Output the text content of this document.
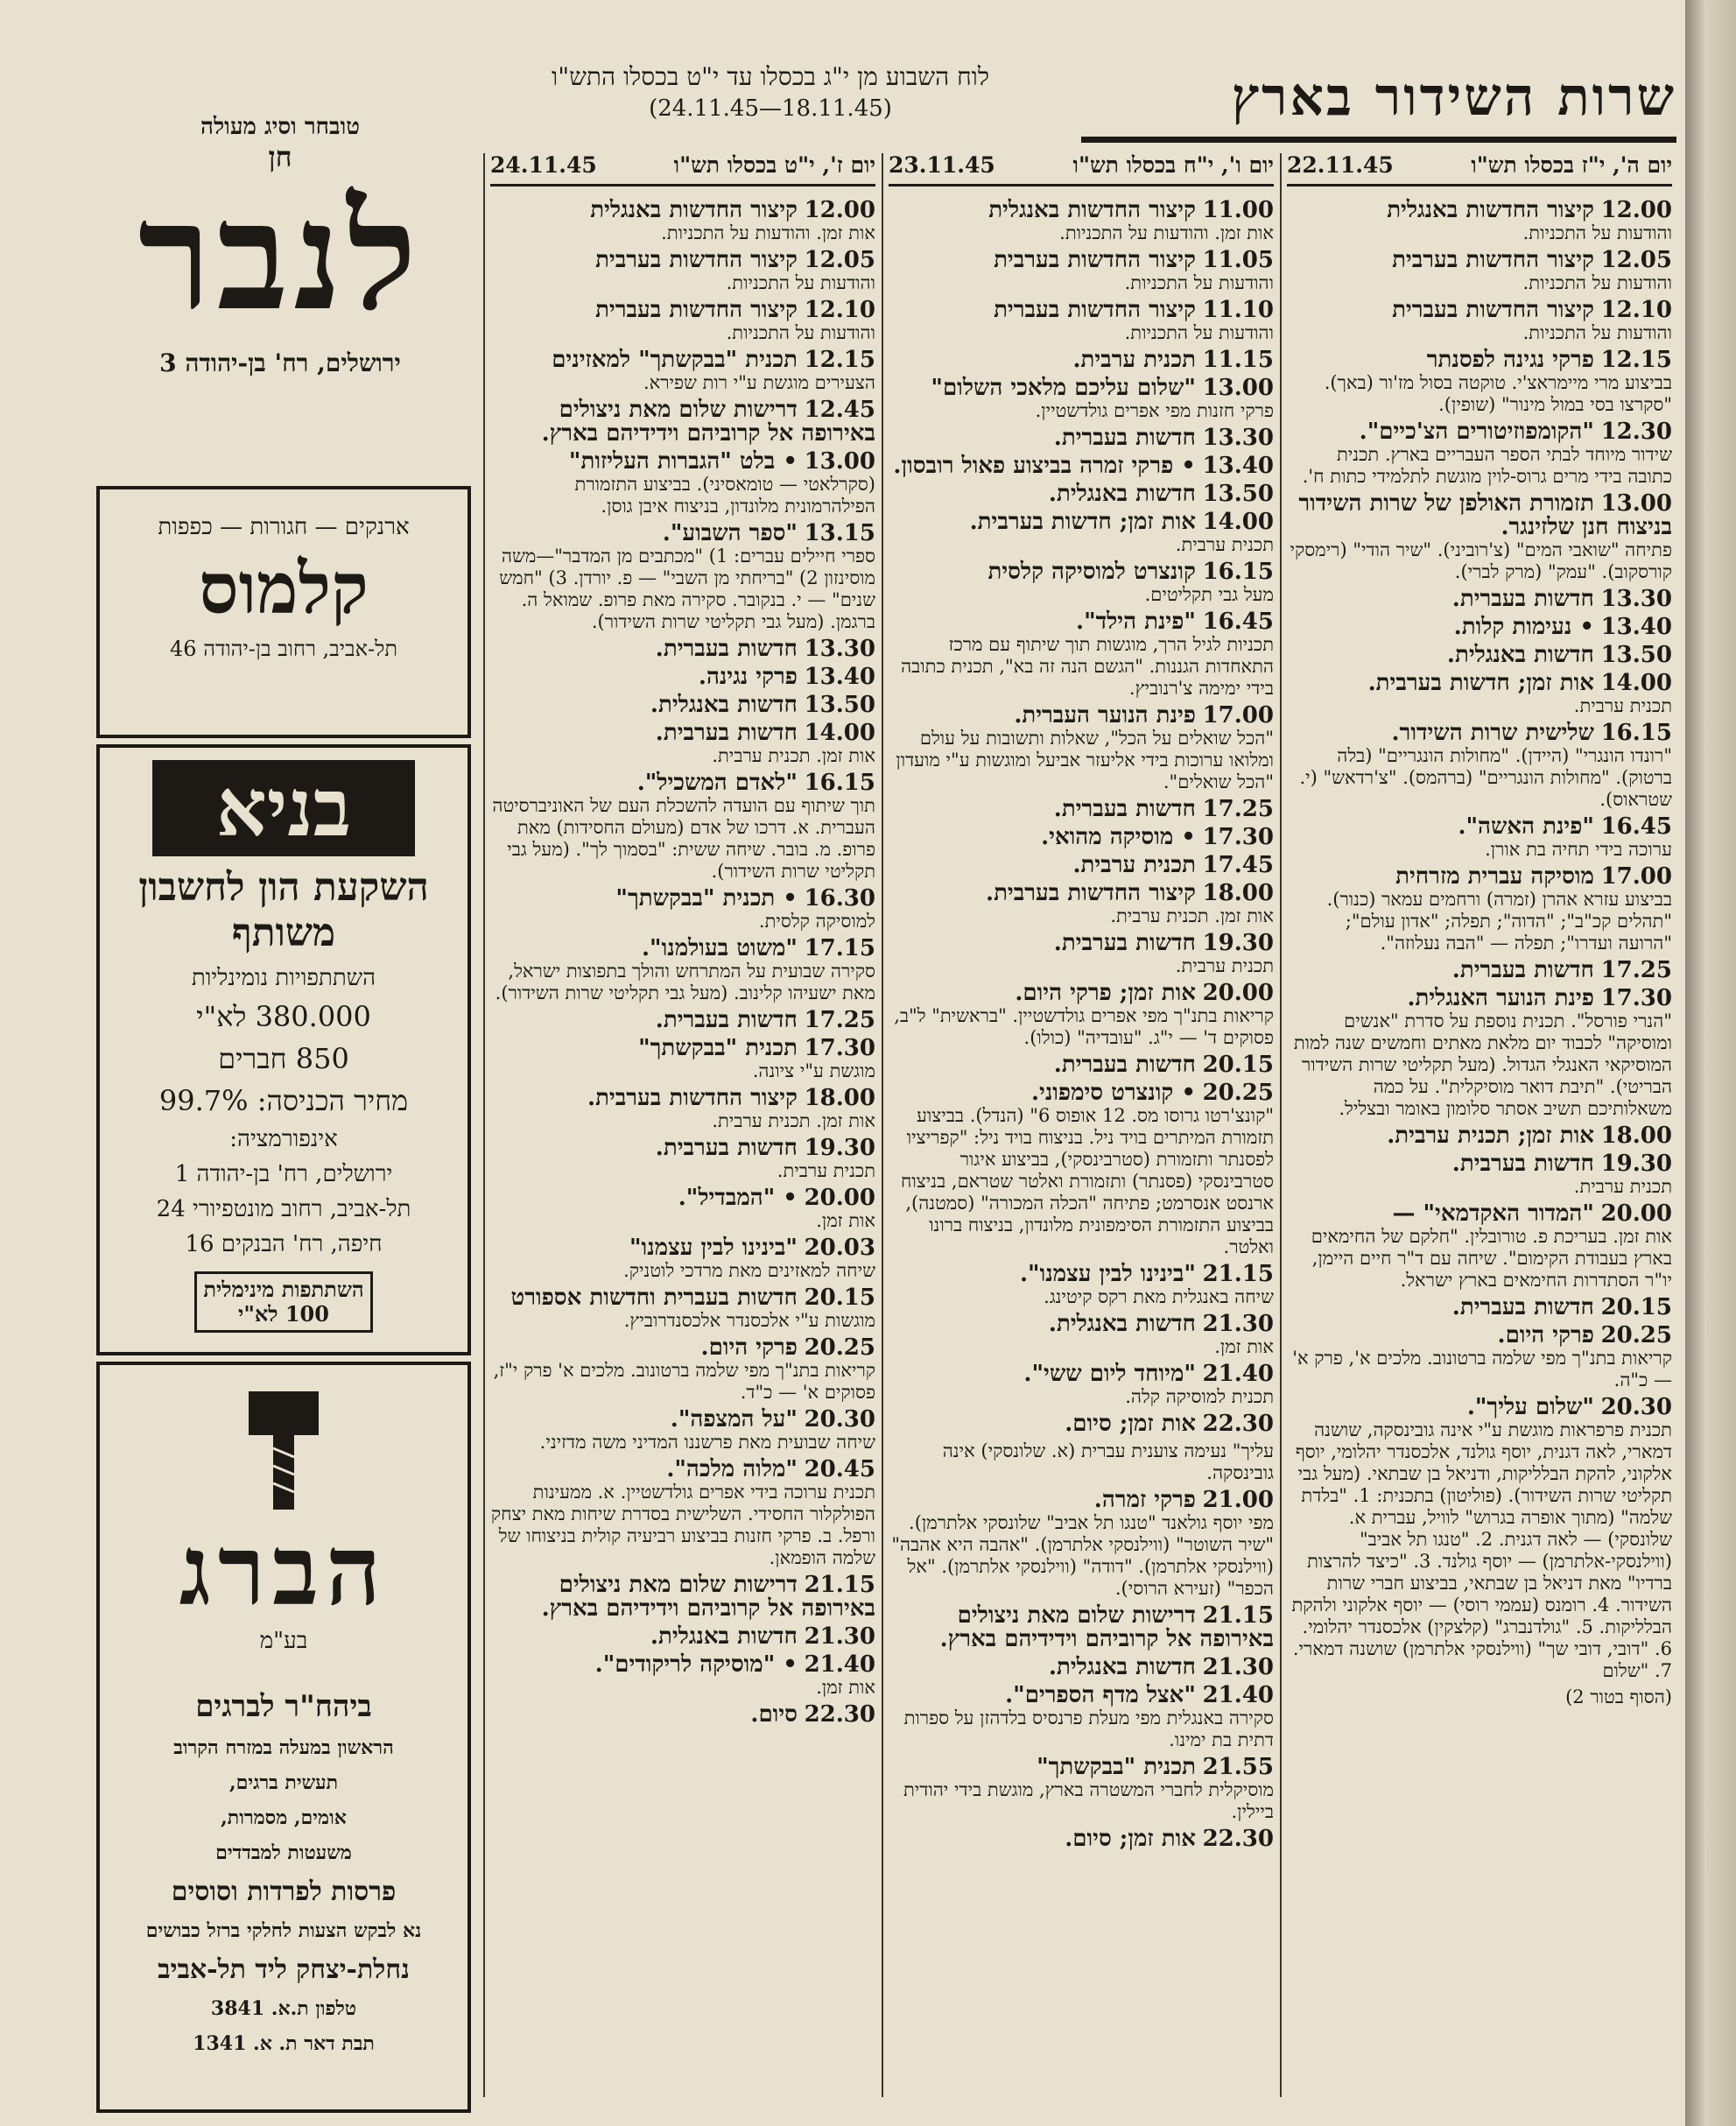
שרות השידור בארץ
לוח השבוע מן י"ג בכסלו עד י"ט בכסלו התש"ו
(18.11.45—24.11.45)
יום ה', י"ז בכסלו תש"ו
22.11.45
12.00 קיצור החדשות באנגלית
והודעות על התכניות.
12.05 קיצור החדשות בערבית
והודעות על התכניות.
12.10 קיצור החדשות בעברית
והודעות על התכניות.
12.15 פרקי נגינה לפסנתר
בביצוע מרי מיימראצ'י. טוקטה בסול מז'ור (באך). "סקרצו בסי במול מינור" (שופין).
12.30 "הקומפוזיטורים הצ'כיים".
שידור מיוחד לבתי הספר העבריים בארץ. תכנית כתובה בידי מרים גרוס-לוין מוגשת לתלמידי כתות ח'.
13.00 תזמורת האולפן של שרות השידור בניצוח חנן שלזינגר.
פתיחה "שואבי המים" (צ'רוביני). "שיר הודי" (רימסקי קורסקוב). "עמק" (מרק לברי).
13.30 חדשות בעברית.
13.40 • נעימות קלות.
13.50 חדשות באנגלית.
14.00 אות זמן; חדשות בערבית.
תכנית ערבית.
16.15 שלישית שרות השידור.
"רונדו הונגרי" (היידן). "מחולות הונגריים" (בלה ברטוק). "מחולות הונגריים" (ברהמס). "צ'רדאש" (י. שטראוס).
16.45 "פינת האשה".
ערוכה בידי תחיה בת אורן.
17.00 מוסיקה עברית מזרחית
בביצוע עזרא אהרן (זמרה) ורחמים עמאר (כנור). "תהלים קכ"ב"; "הדוה"; תפלה; "אדון עולם"; "הרועה ועדרו"; תפלה — "הבה נעלוזה".
17.25 חדשות בעברית.
17.30 פינת הנוער האנגלית.
"הנרי פורסל". תכנית נוספת על סדרת "אנשים ומוסיקה" לכבוד יום מלאת מאתים וחמשים שנה למות המוסיקאי האנגלי הגדול. (מעל תקליטי שרות השידור הבריטי). "תיבת דואר מוסיקלית". על כמה משאלותיכם תשיב אסתר סלומון באומר ובצליל.
18.00 אות זמן; תכנית ערבית.
19.30 חדשות בערבית.
תכנית ערבית.
20.00 "המדור האקדמאי" —
אות זמן. בעריכת פ. טורובלין. "חלקם של החימאים בארץ בעבודת הקימום". שיחה עם ד"ר חיים היימן, יו"ר הסתדרות החימאים בארץ ישראל.
20.15 חדשות בעברית.
20.25 פרקי היום.
קריאות בתנ"ך מפי שלמה ברטונוב. מלכים א', פרק א' — כ"ה.
20.30 "שלום עליך".
תכנית פרפראות מוגשת ע"י אינה גובינסקה, שושנה דמארי, לאה דגנית, יוסף גולנד, אלכסנדר יהלומי, יוסף אלקוני, להקת הבלליקות, ודניאל בן שבתאי. (מעל גבי תקליטי שרות השידור). (פוליטון) בתכנית: 1. "בלדת שלמה" (מתוך אופרה בגרוש" לוויל, עברית א. שלונסקי) — לאה דגנית. 2. "טנגו תל אביב" (ווילנסקי-אלתרמן) — יוסף גולנד. 3. "כיצד להרצות ברדיו" מאת דניאל בן שבתאי, בביצוע חברי שרות השידור. 4. רומנס (עממי רוסי) — יוסף אלקוני ולהקת הבלליקות. 5. "גולדנברג" (קלצקין) אלכסנדר יהלומי. 6. "דובי, דובי שך" (ווילנסקי אלתרמן) שושנה דמארי. 7. "שלום
(הסוף בטור 2)
יום ו', י"ח בכסלו תש"ו
23.11.45
11.00 קיצור החדשות באנגלית
אות זמן. והודעות על התכניות.
11.05 קיצור החדשות בערבית
והודעות על התכניות.
11.10 קיצור החדשות בעברית
והודעות על התכניות.
11.15 תכנית ערבית.
13.00 "שלום עליכם מלאכי השלום"
פרקי חזנות מפי אפרים גולדשטיין.
13.30 חדשות בעברית.
13.40 • פרקי זמרה בביצוע פאול רובסון.
13.50 חדשות באנגלית.
14.00 אות זמן; חדשות בערבית.
תכנית ערבית.
16.15 קונצרט למוסיקה קלסית
מעל גבי תקליטים.
16.45 "פינת הילד".
תכניות לגיל הרך, מוגשות תוך שיתוף עם מרכז התאחדות הגננות. "הגשם הנה זה בא", תכנית כתובה בידי ימימה צ'רנוביץ.
17.00 פינת הנוער העברית.
"הכל שואלים על הכל", שאלות ותשובות על עולם ומלואו ערוכות בידי אליעזר אביעל ומוגשות ע"י מועדון "הכל שואלים".
17.25 חדשות בעברית.
17.30 • מוסיקה מהואי.
17.45 תכנית ערבית.
18.00 קיצור החדשות בערבית.
אות זמן. תכנית ערבית.
19.30 חדשות בערבית.
תכנית ערבית.
20.00 אות זמן; פרקי היום.
קריאות בתנ"ך מפי אפרים גולדשטיין. "בראשית" ל"ב, פסוקים ד' — י"ג. "עובדיה" (כולו).
20.15 חדשות בעברית.
20.25 • קונצרט סימפוני.
"קונצ'רטו גרוסו מס. 12 אופוס 6" (הנדל). בביצוע תזמורת המיתרים בויד ניל. בניצוח בויד ניל: "קפריציו לפסנתר ותזמורת (סטרבינסקי), בביצוע איגור סטרבינסקי (פסנתר) ותזמורת ואלטר שטראם, בניצוח ארנסט אנסרמט; פתיחה "הכלה המכורה" (סמטנה), בביצוע התזמורת הסימפונית מלונדון, בניצוח ברונו ואלטר.
21.15 "בינינו לבין עצמנו".
שיחה באנגלית מאת רקס קיטינג.
21.30 חדשות באנגלית.
אות זמן.
21.40 "מיוחד ליום ששי".
תכנית למוסיקה קלה.
22.30 אות זמן; סיום.
עליך" נעימה צוענית עברית (א. שלונסקי) אינה גובינסקה.
21.00 פרקי זמרה.
מפי יוסף גולאנד "טנגו תל אביב" שלונסקי אלתרמן). "שיר השוטר" (ווילנסקי אלתרמן). "אהבה היא אהבה" (ווילנסקי אלתרמן). "דודה" (ווילנסקי אלתרמן). "אל הכפר" (זעירא הרוסי).
21.15 דרישות שלום מאת ניצולים באירופה אל קרוביהם וידידיהם בארץ.
21.30 חדשות באנגלית.
21.40 "אצל מדף הספרים".
סקירה באנגלית מפי מעלת פרנסיס בלדהזן על ספרות דתית בת ימינו.
21.55 תכנית "בבקשתך"
מוסיקלית לחברי המשטרה בארץ, מוגשת בידי יהודית ביילין.
22.30 אות זמן; סיום.
יום ז', י"ט בכסלו תש"ו
24.11.45
12.00 קיצור החדשות באנגלית
אות זמן. והודעות על התכניות.
12.05 קיצור החדשות בערבית
והודעות על התכניות.
12.10 קיצור החדשות בעברית
והודעות על התכניות.
12.15 תכנית "בבקשתך" למאזינים
הצעירים מוגשת ע"י רות שפירא.
12.45 דרישות שלום מאת ניצולים באירופה אל קרוביהם וידידיהם בארץ.
13.00 • בלט "הגברות העליזות"
(סקרלאטי — טומאסיני). בביצוע התזמורת הפילהרמונית מלונדון, בניצוח איבן גוסן.
13.15 "ספר השבוע".
ספרי חיילים עברים: 1) "מכתבים מן המדבר"—משה מוסינזון 2) "בריחתי מן השבי" — פ. יורדן. 3) "חמש שנים" — י. בנקובר. סקירה מאת פרופ. שמואל ה. ברגמן. (מעל גבי תקליטי שרות השידור).
13.30 חדשות בעברית.
13.40 פרקי נגינה.
13.50 חדשות באנגלית.
14.00 חדשות בערבית.
אות זמן. תכנית ערבית.
16.15 "לאדם המשכיל".
תוך שיתוף עם הועדה להשכלת העם של האוניברסיטה העברית. א. דרכו של אדם (מעולם החסידות) מאת פרופ. מ. בובר. שיחה ששית: "בסמוך לך". (מעל גבי תקליטי שרות השידור).
16.30 • תכנית "בבקשתך"
למוסיקה קלסית.
17.15 "משוט בעולמנו".
סקירה שבועית על המתרחש והולך בתפוצות ישראל, מאת ישעיהו קלינוב. (מעל גבי תקליטי שרות השידור).
17.25 חדשות בעברית.
17.30 תכנית "בבקשתך"
מוגשת ע"י ציונה.
18.00 קיצור החדשות בערבית.
אות זמן. תכנית ערבית.
19.30 חדשות בערבית.
תכנית ערבית.
20.00 • "המבדיל".
אות זמן.
20.03 "בינינו לבין עצמנו"
שיחה למאזינים מאת מרדכי לוטניק.
20.15 חדשות בעברית וחדשות אספורט
מוגשות ע"י אלכסנדר אלכסנדרוביץ.
20.25 פרקי היום.
קריאות בתנ"ך מפי שלמה ברטונוב. מלכים א' פרק י"ז, פסוקים א' — כ"ד.
20.30 "על המצפה".
שיחה שבועית מאת פרשננו המדיני משה מדזיני.
20.45 "מלוה מלכה".
תכנית ערוכה בידי אפרים גולדשטיין. א. ממעינות הפולקלור החסידי. השלישית בסדרת שיחות מאת יצחק ורפל. ב. פרקי חזנות בביצוע רביעיה קולית בניצוחו של שלמה הופמאן.
21.15 דרישות שלום מאת ניצולים באירופה אל קרוביהם וידידיהם בארץ.
21.30 חדשות באנגלית.
21.40 • "מוסיקה לריקודים".
אות זמן.
22.30 סיום.
טובחר וסיג מעולה
חן
לנבר
ירושלים, רח' בן-יהודה 3
ארנקים — חגורות — כפפות
קלמוס
תל-אביב, רחוב בן-יהודה 46
בניא
השקעת הון לחשבון משותף
השתתפויות נומינליות
380.000 לא"י
850 חברים
מחיר הכניסה: 99.7%
אינפורמציה:
ירושלים, רח' בן-יהודה 1
תל-אביב, רחוב מונטפיורי 24
חיפה, רח' הבנקים 16
השתתפות מינימלית 100 לא"י
הברג
בע"מ
ביהח"ר לברגים
הראשון במעלה במזרח הקרוב
תעשית ברגים,
אומים, מסמרות,
משעטות למבדדים
פרסות לפרדות וסוסים
נא לבקש הצעות לחלקי ברזל כבושים
נחלת-יצחק ליד תל-אביב
טלפון ת.א. 3841
תבת דאר ת. א. 1341
